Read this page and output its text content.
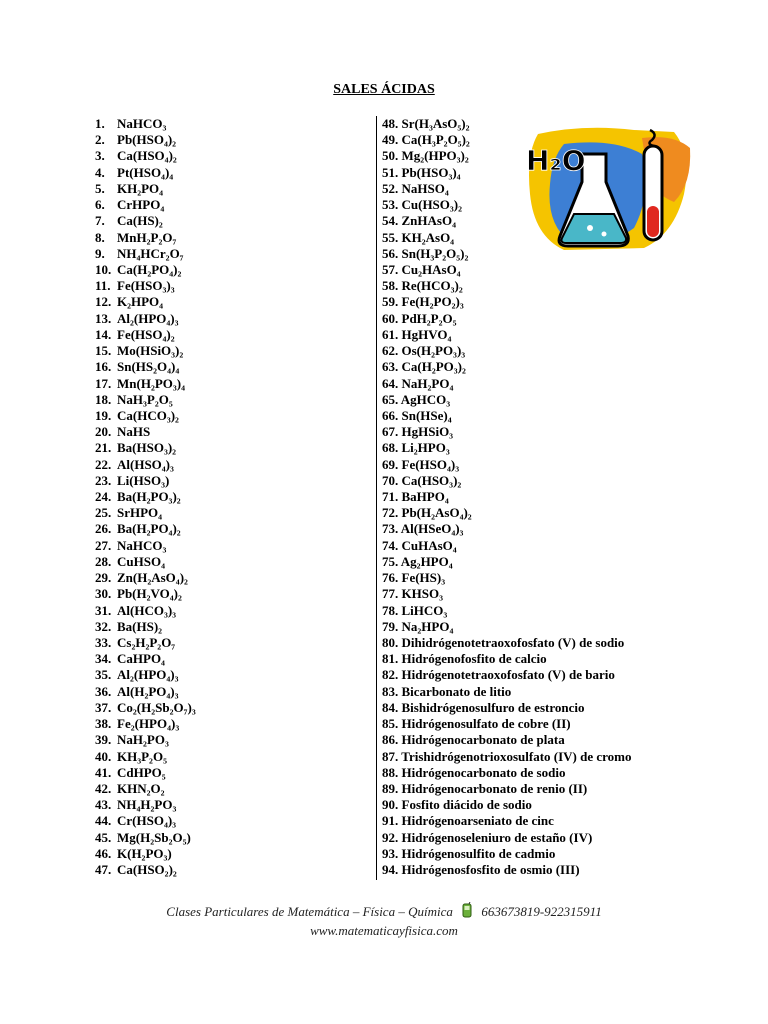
SALES ÁCIDAS
1. NaHCO₃
2. Pb(HSO₄)₂
3. Ca(HSO₄)₂
4. Pt(HSO₄)₄
5. KH₂PO₄
6. CrHPO₄
7. Ca(HS)₂
8. MnH₂P₂O₇
9. NH₄HCr₂O₇
10. Ca(H₂PO₄)₂
11. Fe(HSO₃)₃
12. K₂HPO₄
13. Al₂(HPO₄)₃
14. Fe(HSO₄)₂
15. Mo(HSiO₃)₂
16. Sn(HS₂O₄)₄
17. Mn(H₂PO₃)₄
18. NaH₃P₂O₅
19. Ca(HCO₃)₂
20. NaHS
21. Ba(HSO₃)₂
22. Al(HSO₄)₃
23. Li(HSO₃)
24. Ba(H₂PO₃)₂
25. SrHPO₄
26. Ba(H₂PO₄)₂
27. NaHCO₃
28. CuHSO₄
29. Zn(H₂AsO₄)₂
30. Pb(H₂VO₄)₂
31. Al(HCO₃)₃
32. Ba(HS)₂
33. Cs₂H₂P₂O₇
34. CaHPO₄
35. Al₂(HPO₄)₃
36. Al(H₂PO₄)₃
37. Co₂(H₂Sb₂O₇)₃
38. Fe₂(HPO₄)₃
39. NaH₂PO₃
40. KH₃P₂O₅
41. CdHPO₅
42. KHN₂O₂
43. NH₄H₂PO₃
44. Cr(HSO₄)₃
45. Mg(H₂Sb₂O₅)
46. K(H₂PO₃)
47. Ca(HSO₂)₂
48. Sr(H₃AsO₅)₂
49. Ca(H₃P₂O₅)₂
50. Mg₂(HPO₃)₂
51. Pb(HSO₃)₄
52. NaHSO₄
53. Cu(HSO₃)₂
54. ZnHAsO₄
55. KH₂AsO₄
56. Sn(H₃P₂O₅)₂
57. Cu₂HAsO₄
58. Re(HCO₃)₂
59. Fe(H₂PO₂)₃
60. PdH₂P₂O₅
61. HgHVO₄
62. Os(H₂PO₃)₃
63. Ca(H₂PO₃)₂
64. NaH₂PO₄
65. AgHCO₃
66. Sn(HSe)₄
67. HgHSiO₃
68. Li₂HPO₃
69. Fe(HSO₄)₃
70. Ca(HSO₃)₂
71. BaHPO₄
72. Pb(H₂AsO₄)₂
73. Al(HSeO₄)₃
74. CuHAsO₄
75. Ag₂HPO₄
76. Fe(HS)₃
77. KHSO₃
78. LiHCO₃
79. Na₂HPO₄
80. Dihidrógenotetraoxofosfato (V) de sodio
81. Hidrógenofosfito de calcio
82. Hidrógenotetraoxofosfato (V) de bario
83. Bicarbonato de litio
84. Bishidrógenosulfuro de estroncio
85. Hidrógenosulfato de cobre (II)
86. Hidrógenocarbonato de plata
87. Trishidrógenotrioxosulfato (IV) de cromo
88. Hidrógenocarbonato de sodio
89. Hidrógenocarbonato de renio (II)
90. Fosfito diácido de sodio
91. Hidrógenoarseniato de cinc
92. Hidrógenoseleniuro de estaño (IV)
93. Hidrógenosulfito de cadmio
94. Hidrógenosfosfito de osmio (III)
H₂O
Clases Particulares de Matemática – Física – Química 663673819-922315911
www.matematicayfisica.com
